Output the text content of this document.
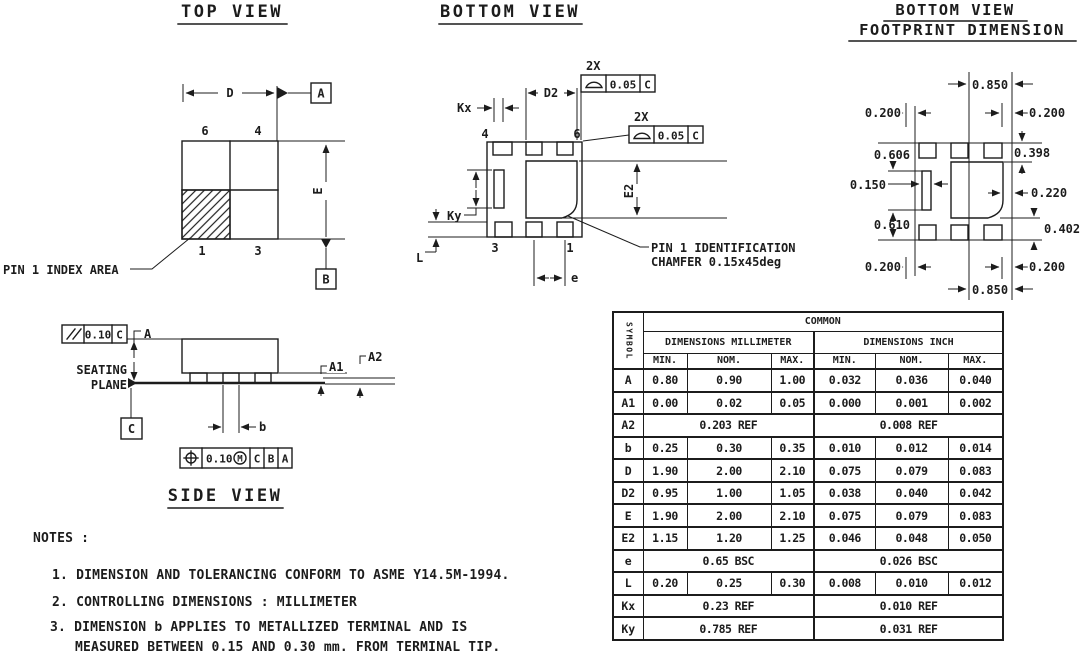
TOP VIEW
D	A
E
B
6	4
1	3
PIN 1 INDEX AREA
BOTTOM VIEW
4	6
3	1
D2
Kx
Ky
E2
e
L
2X
0.05 C
2X
0.05 C
PIN 1 IDENTIFICATION
CHAMFER 0.15x45deg
BOTTOM VIEW
FOOTPRINT DIMENSION
0.850
0.850
0.200	0.200
0.200	0.200
0.606
0.150
0.610
0.398
0.220
0.402
0.10 C A
SEATING
PLANE
C
A1
A2
b
0.10 M C B A
SIDE VIEW
SYMBOL	COMMON					
	DIMENSIONS MILLIMETER			DIMENSIONS INCH		
	MIN.	NOM.	MAX.	MIN.	NOM.	MAX.
A	0.80	0.90	1.00	0.032	0.036	0.040
A1	0.00	0.02	0.05	0.000	0.001	0.002
A2	0.203 REF			0.008 REF		
b	0.25	0.30	0.35	0.010	0.012	0.014
D	1.90	2.00	2.10	0.075	0.079	0.083
D2	0.95	1.00	1.05	0.038	0.040	0.042
E	1.90	2.00	2.10	0.075	0.079	0.083
E2	1.15	1.20	1.25	0.046	0.048	0.050
e	0.65 BSC			0.026 BSC		
L	0.20	0.25	0.30	0.008	0.010	0.012
Kx	0.23 REF			0.010 REF		
Ky	0.785 REF			0.031 REF		
NOTES :
1. DIMENSION AND TOLERANCING CONFORM TO ASME Y14.5M-1994.
2. CONTROLLING DIMENSIONS : MILLIMETER
3. DIMENSION b APPLIES TO METALLIZED TERMINAL AND IS
MEASURED BETWEEN 0.15 AND 0.30 mm. FROM TERMINAL TIP.
